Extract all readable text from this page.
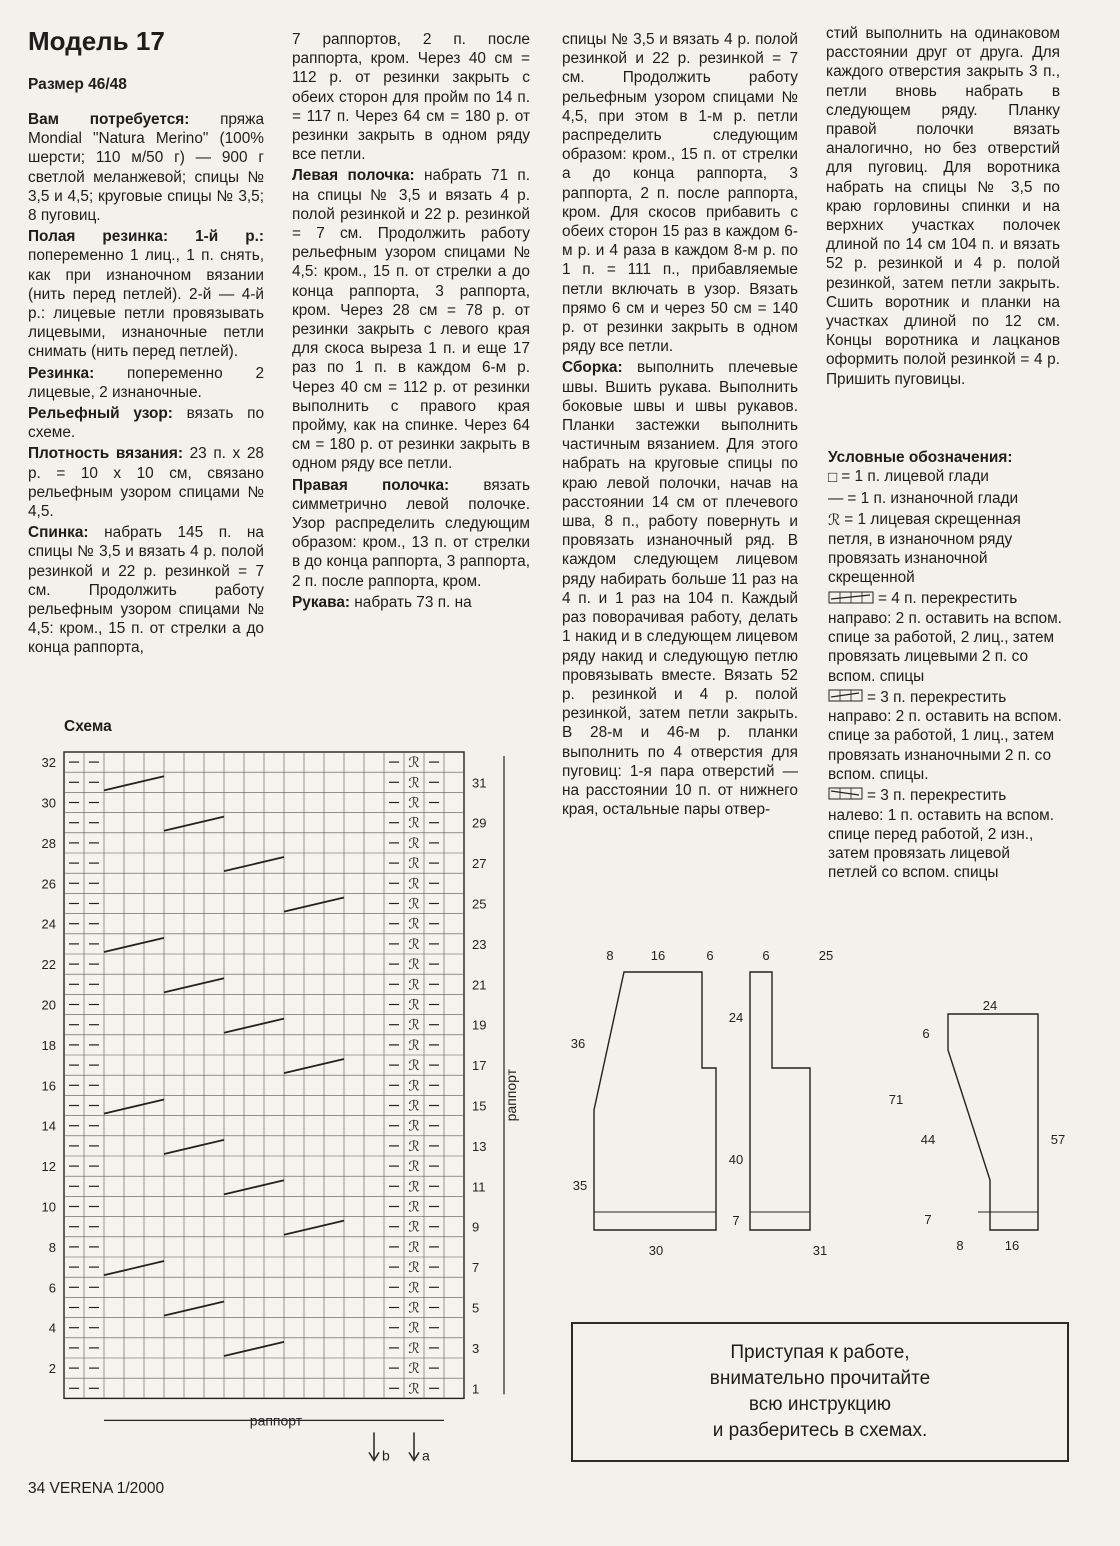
Модель 17
Размер 46/48

Вам потребуется: пряжа Mondial "Natura Merino" (100% шерсти; 110 м/50 г) — 900 г светлой меланжевой; спицы № 3,5 и 4,5; круговые спицы № 3,5; 8 пуговиц.

Полая резинка: 1-й р.: попеременно 1 лиц., 1 п. снять, как при изнаночном вязании (нить перед петлей). 2-й — 4-й р.: лицевые петли провязывать лицевыми, изнаночные петли снимать (нить перед петлей).

Резинка: попеременно 2 лицевые, 2 изнаночные.

Рельефный узор: вязать по схеме.

Плотность вязания: 23 п. х 28 р. = 10 х 10 см, связано рельефным узором спицами № 4,5.

Спинка: набрать 145 п. на спицы № 3,5 и вязать 4 р. полой резинкой и 22 р. резинкой = 7 см. Продолжить работу рельефным узором спицами № 4,5: кром., 15 п. от стрелки а до конца раппорта,

7 раппортов, 2 п. после раппорта, кром. Через 40 см = 112 р. от резинки закрыть с обеих сторон для пройм по 14 п. = 117 п. Через 64 см = 180 р. от резинки закрыть в одном ряду все петли.

Левая полочка: набрать 71 п. на спицы № 3,5 и вязать 4 р. полой резинкой и 22 р. резинкой = 7 см. Продолжить работу рельефным узором спицами № 4,5: кром., 15 п. от стрелки а до конца раппорта, 3 раппорта, кром. Через 28 см = 78 р. от резинки закрыть с левого края для скоса выреза 1 п. и еще 17 раз по 1 п. в каждом 6-м р. Через 40 см = 112 р. от резинки выполнить с правого края пройму, как на спинке. Через 64 см = 180 р. от резинки закрыть в одном ряду все петли.

Правая полочка: вязать симметрично левой полочке. Узор распределить следующим образом: кром., 13 п. от стрелки в до конца раппорта, 3 раппорта, 2 п. после раппорта, кром.

Рукава: набрать 73 п. на

спицы № 3,5 и вязать 4 р. полой резинкой и 22 р. резинкой = 7 см. Продолжить работу рельефным узором спицами № 4,5, при этом в 1-м р. петли распределить следующим образом: кром., 15 п. от стрелки а до конца раппорта, 3 раппорта, 2 п. после раппорта, кром. Для скосов прибавить с обеих сторон 15 раз в каждом 6-м р. и 4 раза в каждом 8-м р. по 1 п. = 111 п., прибавляемые петли включать в узор. Вязать прямо 6 см и через 50 см = 140 р. от резинки закрыть в одном ряду все петли.

Сборка: выполнить плечевые швы. Вшить рукава. Выполнить боковые швы и швы рукавов. Планки застежки выполнить частичным вязанием. Для этого набрать на круговые спицы по краю левой полочки, начав на расстоянии 14 см от плечевого шва, 8 п., работу повернуть и провязать изнаночный ряд. В каждом следующем лицевом ряду набирать больше 11 раз на 4 п. и 1 раз на 104 п. Каждый раз поворачивая работу, делать 1 накид и в следующем лицевом ряду накид и следующую петлю провязывать вместе. Вязать 52 р. резинкой и 4 р. полой резинкой, затем петли закрыть. В 28-м и 46-м р. планки выполнить по 4 отверстия для пуговиц: 1-я пара отверстий — на расстоянии 10 п. от нижнего края, остальные пары отвер-

стий выполнить на одинаковом расстоянии друг от друга. Для каждого отверстия закрыть 3 п., петли вновь набрать в следующем ряду. Планку правой полочки вязать аналогично, но без отверстий для пуговиц. Для воротника набрать на спицы № 3,5 по краю горловины спинки и на верхних участках полочек длиной по 14 см 104 п. и вязать 52 р. резинкой и 4 р. полой резинкой, затем петли закрыть. Сшить воротник и планки на участках длиной по 12 см. Концы воротника и лацканов оформить полой резинкой = 4 р. Пришить пуговицы.

Условные обозначения:
□ = 1 п. лицевой глади
— = 1 п. изнаночной глади
ℛ = 1 лицевая скрещенная петля, в изнаночном ряду провязать изнаночной скрещенной
= 4 п. перекрестить направо: 2 п. оставить на вспом. спице за работой, 2 лиц., затем провязать лицевыми 2 п. со вспом. спицы
= 3 п. перекрестить направо: 2 п. оставить на вспом. спице за работой, 1 лиц., затем провязать изнаночными 2 п. со вспом. спицы.
= 3 п. перекрестить налево: 1 п. оставить на вспом. спице перед работой, 2 изн., затем провязать лицевой петлей со вспом. спицы
Схема
ℛ
ℛ
ℛ
ℛ
ℛ
ℛ
ℛ
ℛ
ℛ
ℛ
ℛ
ℛ
ℛ
ℛ
ℛ
ℛ
ℛ
ℛ
ℛ
ℛ
ℛ
ℛ
ℛ
ℛ
ℛ
ℛ
ℛ
ℛ
ℛ
ℛ
ℛ
ℛ
32
30
28
26
24
22
20
18
16
14
12
10
8
6
4
2
31
29
27
25
23
21
19
17
15
13
11
9
7
5
3
1
раппорт
раппорт
b a
8	16	6
36
35
24
40
7
30
6	25
71
31
24
6
44	57
7
8	16
Приступая к работе,
внимательно прочитайте
всю инструкцию
и разберитесь в схемах.
34 VERENA 1/2000
